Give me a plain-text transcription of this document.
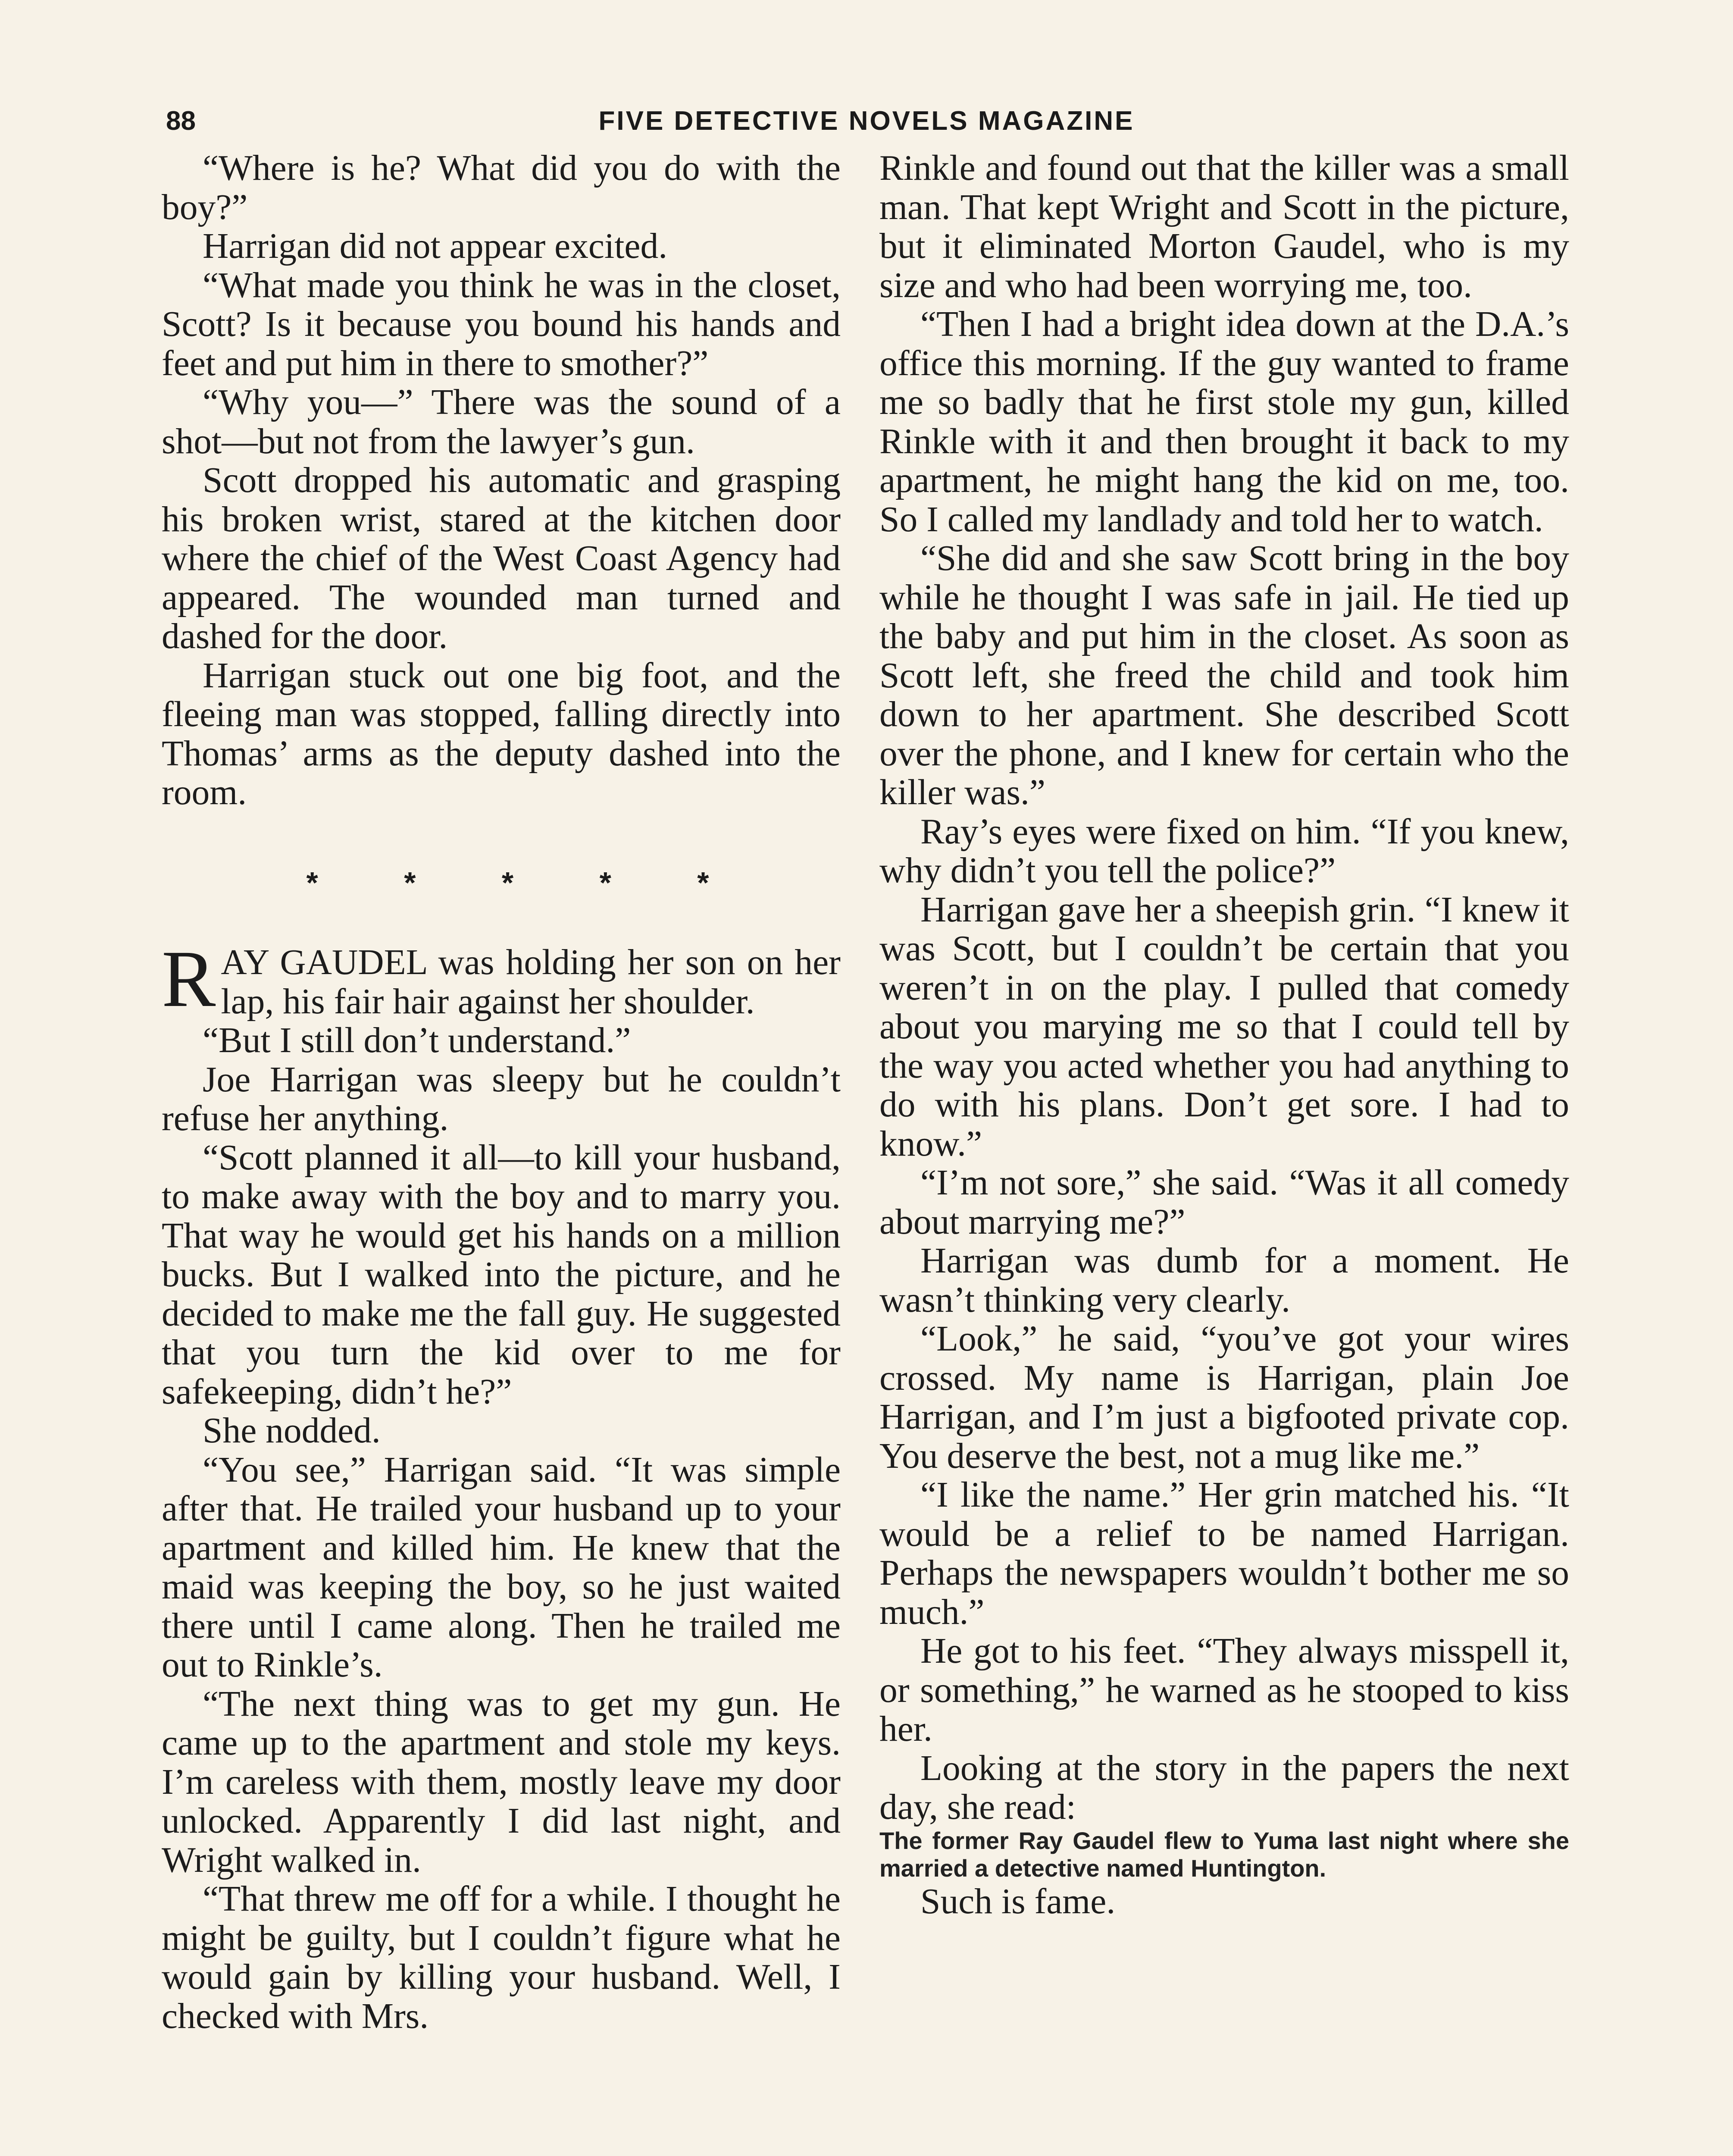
88	FIVE DETECTIVE NOVELS MAGAZINE

“Where is he? What did you do with the boy?”

Harrigan did not appear excited.

“What made you think he was in the closet, Scott? Is it because you bound his hands and feet and put him in there to smother?”

“Why you—” There was the sound of a shot—but not from the lawyer’s gun.

Scott dropped his automatic and grasping his broken wrist, stared at the kitchen door where the chief of the West Coast Agency had appeared. The wounded man turned and dashed for the door.

Harrigan stuck out one big foot, and the fleeing man was stopped, falling directly into Thomas’ arms as the deputy dashed into the room.

* * * * *

RAY GAUDEL was holding her son on her lap, his fair hair against her shoulder.

“But I still don’t understand.”

Joe Harrigan was sleepy but he couldn’t refuse her anything.

“Scott planned it all—to kill your husband, to make away with the boy and to marry you. That way he would get his hands on a million bucks. But I walked into the picture, and he decided to make me the fall guy. He suggested that you turn the kid over to me for safekeeping, didn’t he?”

She nodded.

“You see,” Harrigan said. “It was simple after that. He trailed your husband up to your apartment and killed him. He knew that the maid was keeping the boy, so he just waited there until I came along. Then he trailed me out to Rinkle’s.

“The next thing was to get my gun. He came up to the apartment and stole my keys. I’m careless with them, mostly leave my door unlocked. Apparently I did last night, and Wright walked in.

“That threw me off for a while. I thought he might be guilty, but I couldn’t figure what he would gain by killing your husband. Well, I checked with Mrs.

Rinkle and found out that the killer was a small man. That kept Wright and Scott in the picture, but it eliminated Morton Gaudel, who is my size and who had been worrying me, too.

“Then I had a bright idea down at the D.A.’s office this morning. If the guy wanted to frame me so badly that he first stole my gun, killed Rinkle with it and then brought it back to my apartment, he might hang the kid on me, too. So I called my landlady and told her to watch.

“She did and she saw Scott bring in the boy while he thought I was safe in jail. He tied up the baby and put him in the closet. As soon as Scott left, she freed the child and took him down to her apartment. She described Scott over the phone, and I knew for certain who the killer was.”

Ray’s eyes were fixed on him. “If you knew, why didn’t you tell the police?”

Harrigan gave her a sheepish grin. “I knew it was Scott, but I couldn’t be certain that you weren’t in on the play. I pulled that comedy about you marying me so that I could tell by the way you acted whether you had anything to do with his plans. Don’t get sore. I had to know.”

“I’m not sore,” she said. “Was it all comedy about marrying me?”

Harrigan was dumb for a moment. He wasn’t thinking very clearly.

“Look,” he said, “you’ve got your wires crossed. My name is Harrigan, plain Joe Harrigan, and I’m just a bigfooted private cop. You deserve the best, not a mug like me.”

“I like the name.” Her grin matched his. “It would be a relief to be named Harrigan. Perhaps the newspapers wouldn’t bother me so much.”

He got to his feet. “They always misspell it, or something,” he warned as he stooped to kiss her.

Looking at the story in the papers the next day, she read:

The former Ray Gaudel flew to Yuma last night where she married a detective named Huntington.

Such is fame.
